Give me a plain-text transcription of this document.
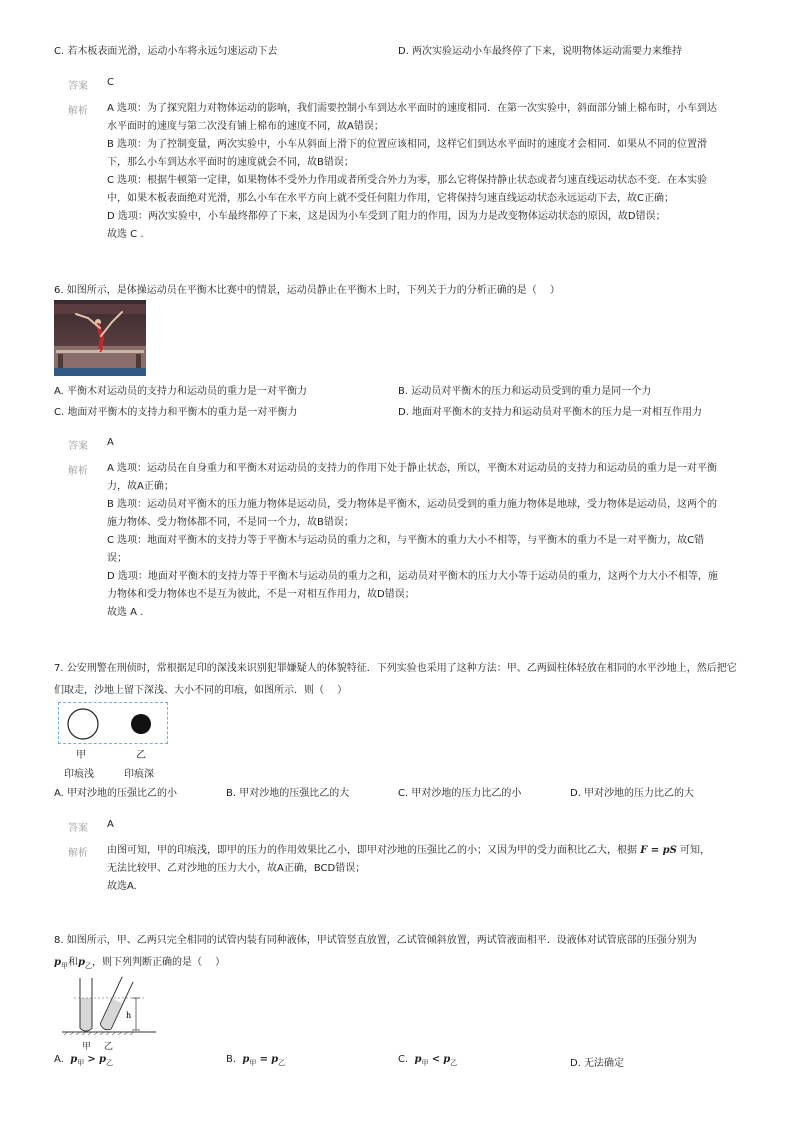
C. 若木板表面光滑，运动小车将永远匀速运动下去	D. 两次实验运动小车最终停了下来，说明物体运动需要力来维持
答案 C
解析 A 选项：为了探究阻力对物体运动的影响，我们需要控制小车到达水平面时的速度相同．在第一次实验中，斜面部分铺上棉布时，小车到达水平面时的速度与第二次没有铺上棉布的速度不同，故A错误；
B 选项：为了控制变量，两次实验中，小车从斜面上滑下的位置应该相同，这样它们到达水平面时的速度才会相同．如果从不同的位置滑下，那么小车到达水平面时的速度就会不同，故B错误；
C 选项：根据牛顿第一定律，如果物体不受外力作用或者所受合外力为零，那么它将保持静止状态或者匀速直线运动状态不变．在本实验中，如果木板表面绝对光滑，那么小车在水平方向上就不受任何阻力作用，它将保持匀速直线运动状态永远运动下去，故C正确；
D 选项：两次实验中，小车最终都停了下来，这是因为小车受到了阻力的作用，因为力是改变物体运动状态的原因，故D错误；
故选 C .
6. 如图所示，是体操运动员在平衡木比赛中的情景，运动员静止在平衡木上时，下列关于力的分析正确的是（　 ）
A. 平衡木对运动员的支持力和运动员的重力是一对平衡力	B. 运动员对平衡木的压力和运动员受到的重力是同一个力
C. 地面对平衡木的支持力和平衡木的重力是一对平衡力	D. 地面对平衡木的支持力和运动员对平衡木的压力是一对相互作用力
答案 A
解析 A 选项：运动员在自身重力和平衡木对运动员的支持力的作用下处于静止状态，所以，平衡木对运动员的支持力和运动员的重力是一对平衡力，故A正确；
B 选项：运动员对平衡木的压力施力物体是运动员，受力物体是平衡木，运动员受到的重力施力物体是地球，受力物体是运动员，这两个的施力物体、受力物体都不同，不是同一个力，故B错误；
C 选项：地面对平衡木的支持力等于平衡木与运动员的重力之和，与平衡木的重力大小不相等，与平衡木的重力不是一对平衡力，故C错误；
D 选项：地面对平衡木的支持力等于平衡木与运动员的重力之和，运动员对平衡木的压力大小等于运动员的重力，这两个力大小不相等，施力物体和受力物体也不是互为彼此，不是一对相互作用力，故D错误；
故选 A .
7. 公安刑警在刑侦时，常根据足印的深浅来识别犯罪嫌疑人的体貌特征．下列实验也采用了这种方法：甲、乙两圆柱体轻放在相同的水平沙地上，然后把它们取走，沙地上留下深浅、大小不同的印痕，如图所示．则（　 ）
甲	乙
印痕浅	印痕深
A. 甲对沙地的压强比乙的小	B. 甲对沙地的压强比乙的大	C. 甲对沙地的压力比乙的小	D. 甲对沙地的压力比乙的大
答案 A
解析 由图可知，甲的印痕浅，即甲的压力的作用效果比乙小，即甲对沙地的压强比乙的小；又因为甲的受力面积比乙大，根据 F = pS 可知，无法比较甲、乙对沙地的压力大小，故A正确，BCD错误；
故选A.
8. 如图所示，甲、乙两只完全相同的试管内装有同种液体，甲试管竖直放置，乙试管倾斜放置，两试管液面相平．设液体对试管底部的压强分别为
$p_甲$和$p_乙$，则下列判断正确的是（　 ）
h
甲 乙
A. $p_甲 > p_乙$	B. $p_甲 = p_乙$	C. $p_甲 < p_乙$	D. 无法确定
